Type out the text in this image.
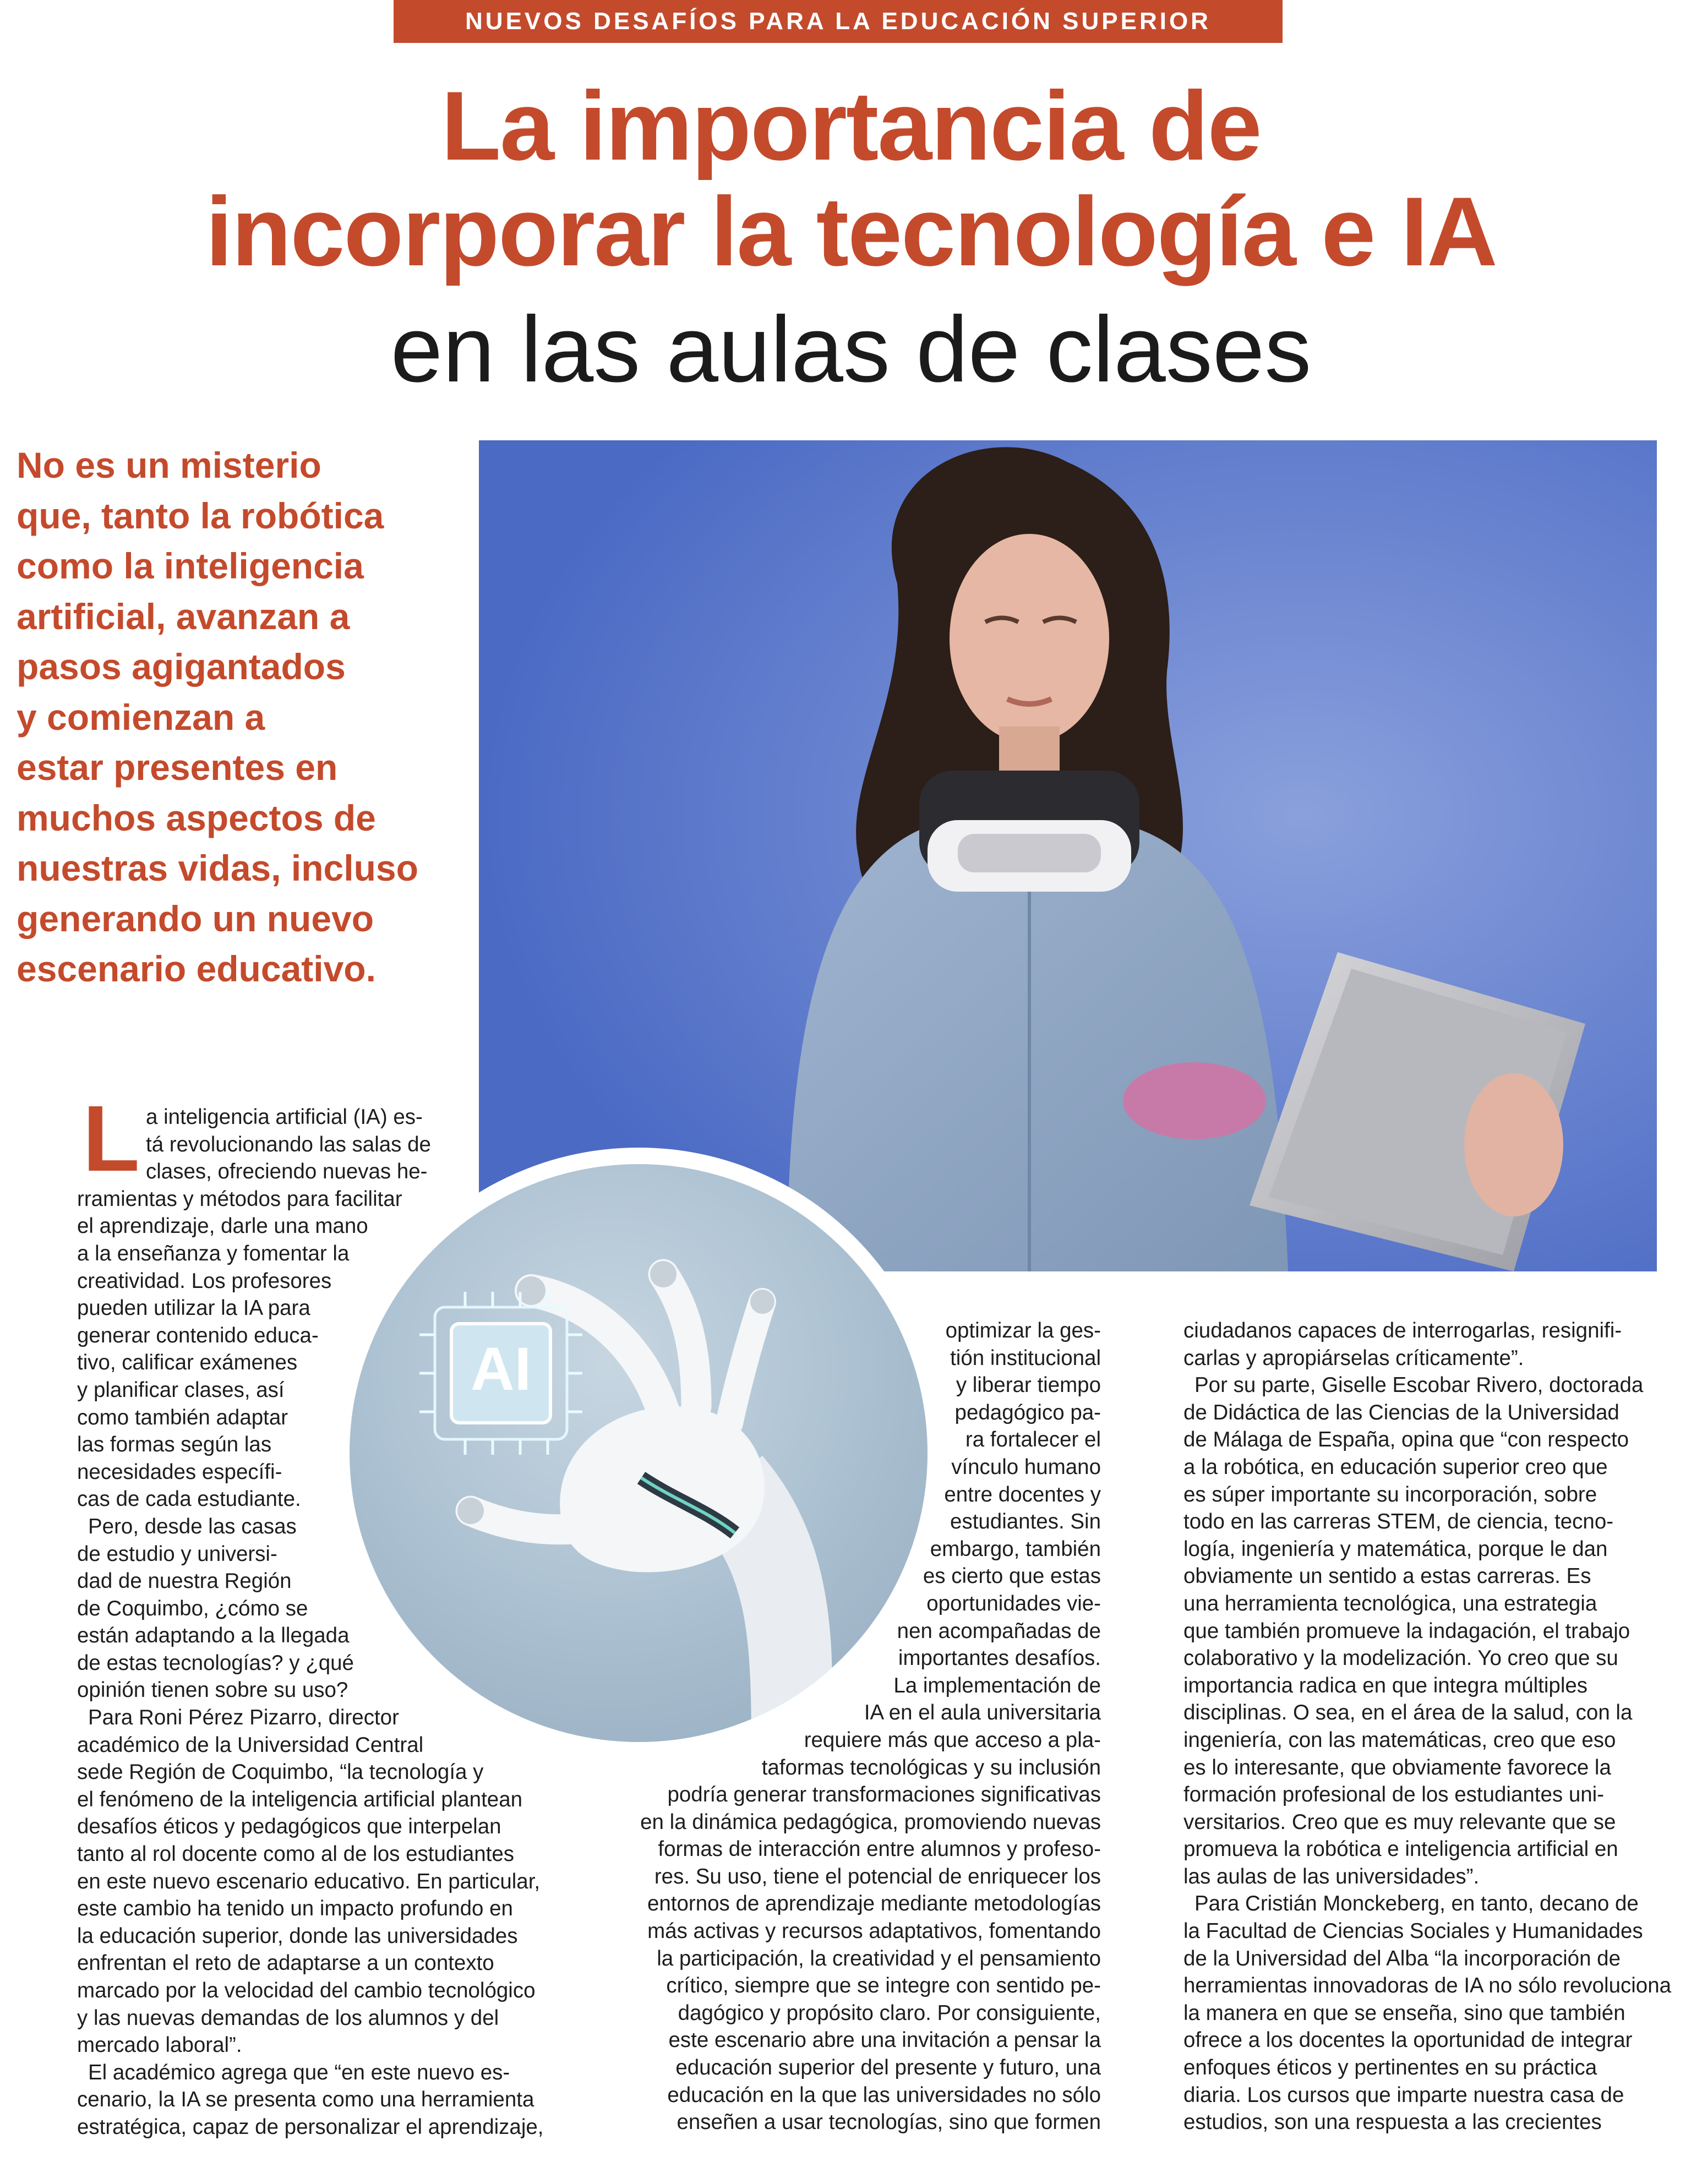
NUEVOS DESAFÍOS PARA LA EDUCACIÓN SUPERIOR
La importancia de
incorporar la tecnología e IA
en las aulas de clases
No es un misterio
que, tanto la robótica
como la inteligencia
artificial, avanzan a
pasos agigantados
y comienzan a
estar presentes en
muchos aspectos de
nuestras vidas, incluso
generando un nuevo
escenario educativo.
AI
L a inteligencia artificial (IA) es-
tá revolucionando las salas de
clases, ofreciendo nuevas he-
rramientas y métodos para facilitar
el aprendizaje, darle una mano
a la enseñanza y fomentar la
creatividad. Los profesores
pueden utilizar la IA para
generar contenido educa-
tivo, calificar exámenes
y planificar clases, así
como también adaptar
las formas según las
necesidades específi-
cas de cada estudiante.
Pero, desde las casas
de estudio y universi-
dad de nuestra Región
de Coquimbo, ¿cómo se
están adaptando a la llegada
de estas tecnologías? y ¿qué
opinión tienen sobre su uso?
Para Roni Pérez Pizarro, director
académico de la Universidad Central
sede Región de Coquimbo, “la tecnología y
el fenómeno de la inteligencia artificial plantean
desafíos éticos y pedagógicos que interpelan
tanto al rol docente como al de los estudiantes
en este nuevo escenario educativo. En particular,
este cambio ha tenido un impacto profundo en
la educación superior, donde las universidades
enfrentan el reto de adaptarse a un contexto
marcado por la velocidad del cambio tecnológico
y las nuevas demandas de los alumnos y del
mercado laboral”.
El académico agrega que “en este nuevo es-
cenario, la IA se presenta como una herramienta
estratégica, capaz de personalizar el aprendizaje,
optimizar la ges-
tión institucional
y liberar tiempo
pedagógico pa-
ra fortalecer el
vínculo humano
entre docentes y
estudiantes. Sin
embargo, también
es cierto que estas
oportunidades vie-
nen acompañadas de
importantes desafíos.
La implementación de
IA en el aula universitaria
requiere más que acceso a pla-
taformas tecnológicas y su inclusión
podría generar transformaciones significativas
en la dinámica pedagógica, promoviendo nuevas
formas de interacción entre alumnos y profeso-
res. Su uso, tiene el potencial de enriquecer los
entornos de aprendizaje mediante metodologías
más activas y recursos adaptativos, fomentando
la participación, la creatividad y el pensamiento
crítico, siempre que se integre con sentido pe-
dagógico y propósito claro. Por consiguiente,
este escenario abre una invitación a pensar la
educación superior del presente y futuro, una
educación en la que las universidades no sólo
enseñen a usar tecnologías, sino que formen
ciudadanos capaces de interrogarlas, resignifi-
carlas y apropiárselas críticamente”.
Por su parte, Giselle Escobar Rivero, doctorada
de Didáctica de las Ciencias de la Universidad
de Málaga de España, opina que “con respecto
a la robótica, en educación superior creo que
es súper importante su incorporación, sobre
todo en las carreras STEM, de ciencia, tecno-
logía, ingeniería y matemática, porque le dan
obviamente un sentido a estas carreras. Es
una herramienta tecnológica, una estrategia
que también promueve la indagación, el trabajo
colaborativo y la modelización. Yo creo que su
importancia radica en que integra múltiples
disciplinas. O sea, en el área de la salud, con la
ingeniería, con las matemáticas, creo que eso
es lo interesante, que obviamente favorece la
formación profesional de los estudiantes uni-
versitarios. Creo que es muy relevante que se
promueva la robótica e inteligencia artificial en
las aulas de las universidades”.
Para Cristián Monckeberg, en tanto, decano de
la Facultad de Ciencias Sociales y Humanidades
de la Universidad del Alba “la incorporación de
herramientas innovadoras de IA no sólo revoluciona
la manera en que se enseña, sino que también
ofrece a los docentes la oportunidad de integrar
enfoques éticos y pertinentes en su práctica
diaria. Los cursos que imparte nuestra casa de
estudios, son una respuesta a las crecientes
